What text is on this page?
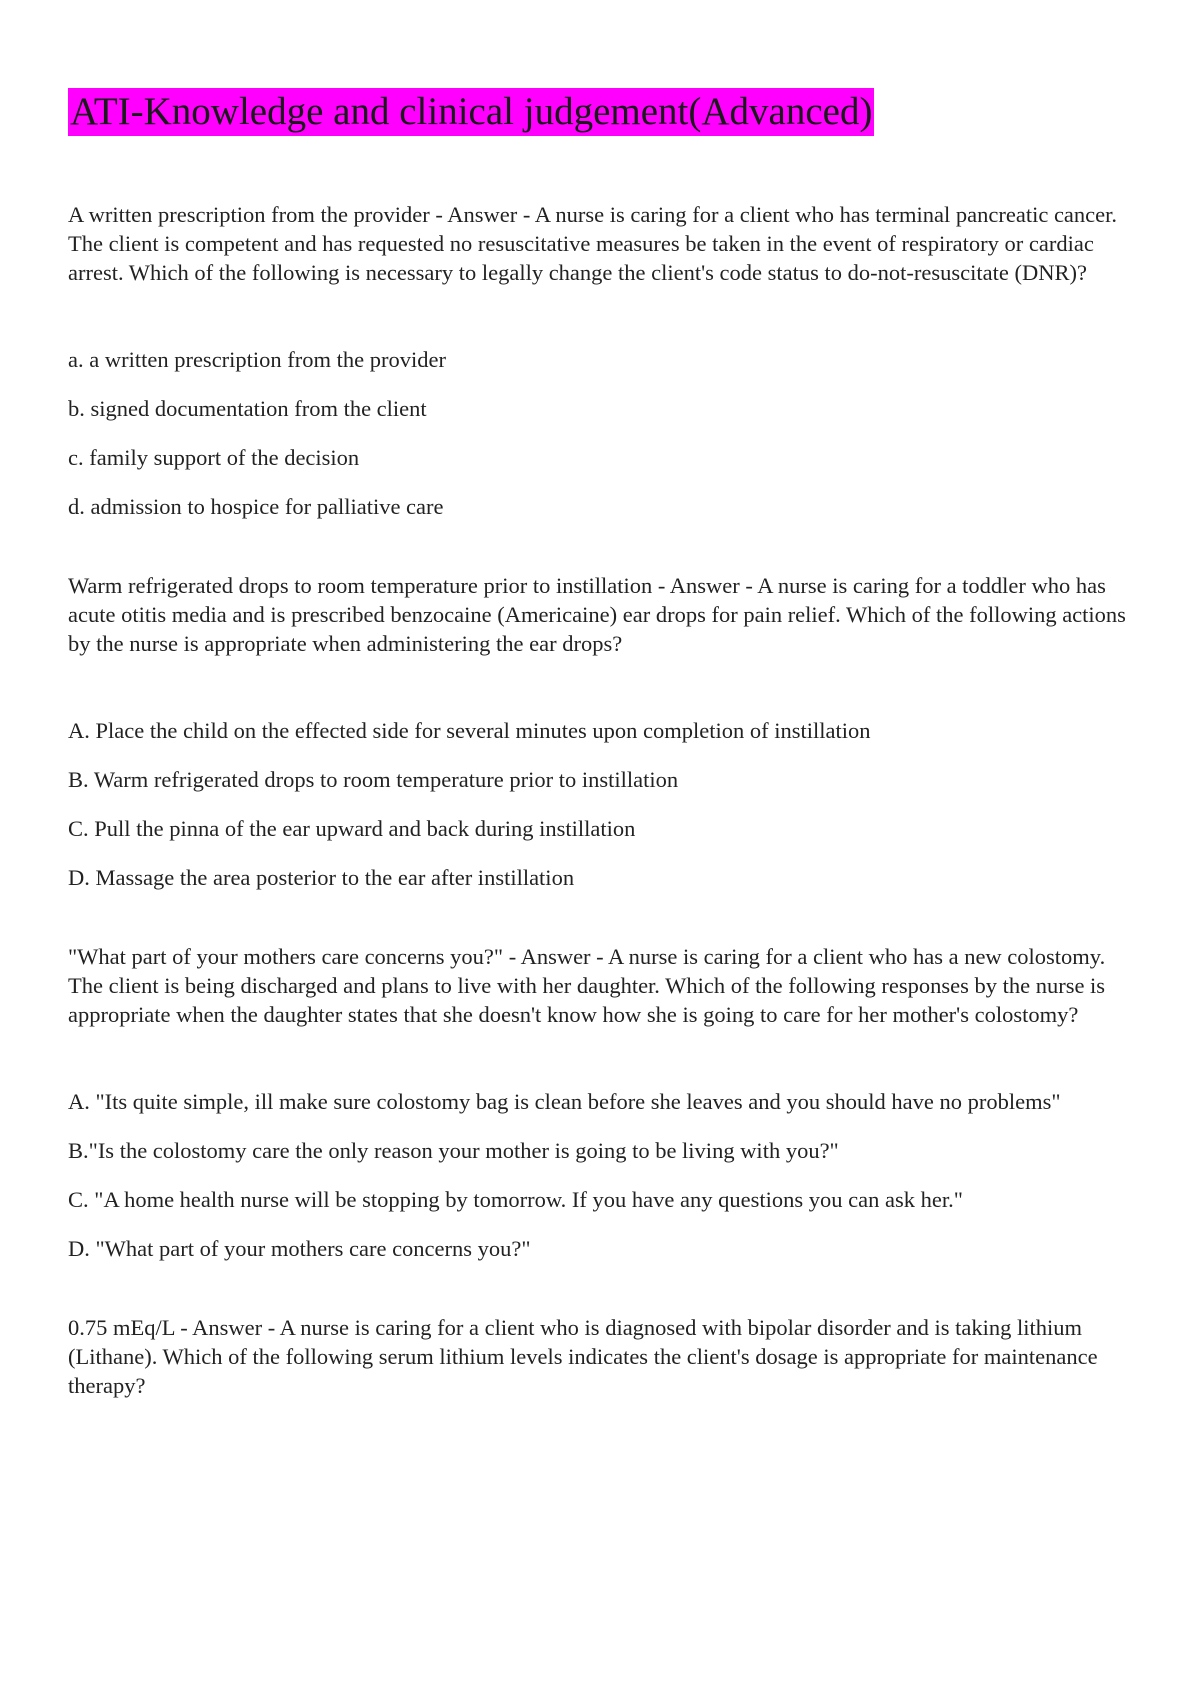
ATI-Knowledge and clinical judgement(Advanced)

A written prescription from the provider - Answer - A nurse is caring for a client who has terminal pancreatic cancer. The client is competent and has requested no resuscitative measures be taken in the event of respiratory or cardiac arrest. Which of the following is necessary to legally change the client's code status to do-not-resuscitate (DNR)?

a. a written prescription from the provider
b. signed documentation from the client
c. family support of the decision
d. admission to hospice for palliative care

Warm refrigerated drops to room temperature prior to instillation - Answer - A nurse is caring for a toddler who has acute otitis media and is prescribed benzocaine (Americaine) ear drops for pain relief. Which of the following actions by the nurse is appropriate when administering the ear drops?

A. Place the child on the effected side for several minutes upon completion of instillation
B. Warm refrigerated drops to room temperature prior to instillation
C. Pull the pinna of the ear upward and back during instillation
D. Massage the area posterior to the ear after instillation

"What part of your mothers care concerns you?" - Answer - A nurse is caring for a client who has a new colostomy. The client is being discharged and plans to live with her daughter. Which of the following responses by the nurse is appropriate when the daughter states that she doesn't know how she is going to care for her mother's colostomy?

A. "Its quite simple, ill make sure colostomy bag is clean before she leaves and you should have no problems"
B."Is the colostomy care the only reason your mother is going to be living with you?"
C. "A home health nurse will be stopping by tomorrow. If you have any questions you can ask her."
D. "What part of your mothers care concerns you?"

0.75 mEq/L - Answer - A nurse is caring for a client who is diagnosed with bipolar disorder and is taking lithium (Lithane). Which of the following serum lithium levels indicates the client's dosage is appropriate for maintenance therapy?
